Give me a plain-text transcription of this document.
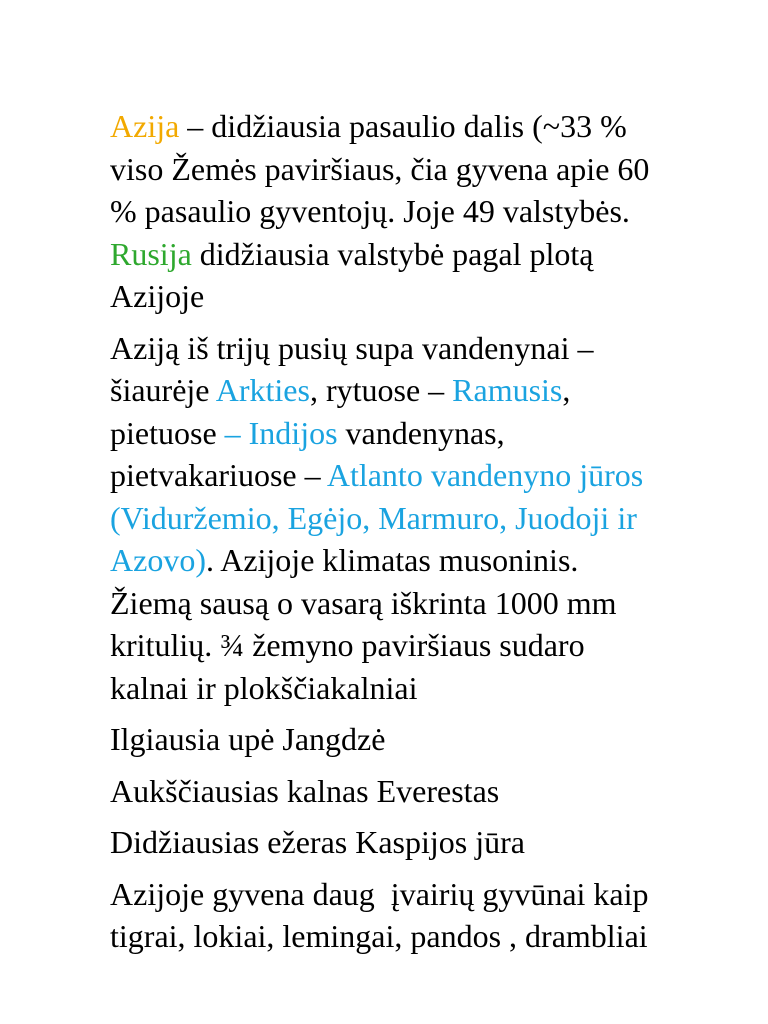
Azija – didžiausia pasaulio dalis (~33 %
viso Žemės paviršiaus, čia gyvena apie 60
% pasaulio gyventojų. Joje 49 valstybės.
Rusija didžiausia valstybė pagal plotą
Azijoje
Aziją iš trijų pusių supa vandenynai –
šiaurėje Arkties, rytuose – Ramusis,
pietuose – Indijos vandenynas,
pietvakariuose – Atlanto vandenyno jūros
(Viduržemio, Egėjo, Marmuro, Juodoji ir
Azovo). Azijoje klimatas musoninis.
Žiemą sausą o vasarą iškrinta 1000 mm
kritulių. ¾ žemyno paviršiaus sudaro
kalnai ir plokščiakalniai
Ilgiausia upė Jangdzė
Aukščiausias kalnas Everestas
Didžiausias ežeras Kaspijos jūra
Azijoje gyvena daug  įvairių gyvūnai kaip
tigrai, lokiai, lemingai, pandos , drambliai
